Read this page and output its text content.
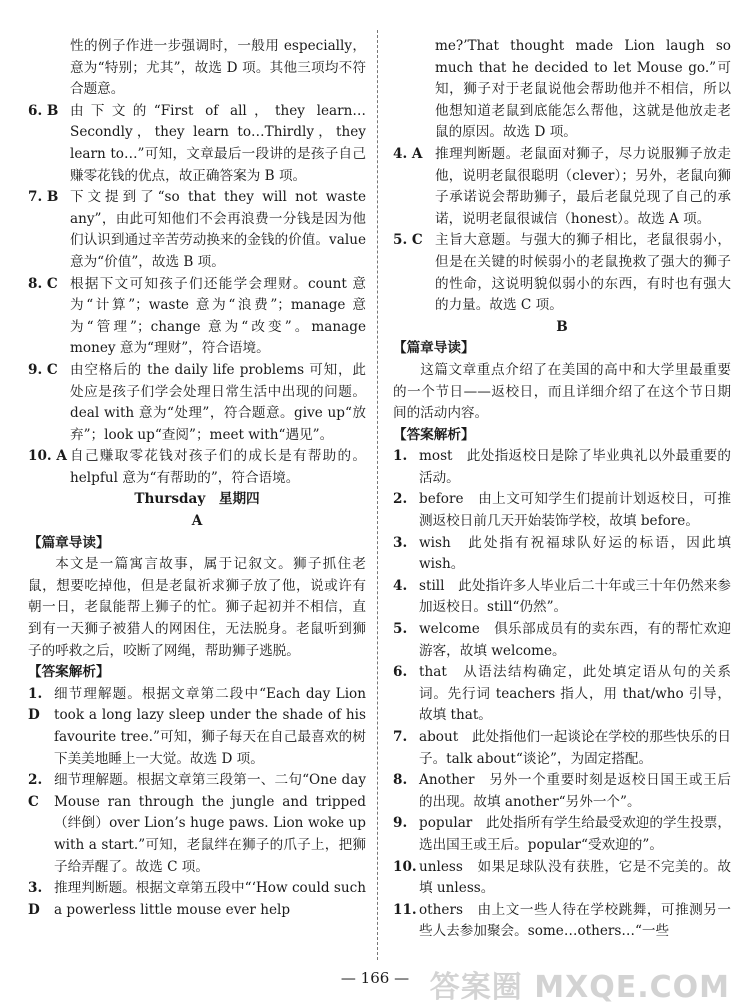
性的例子作进一步强调时，一般用 especially，意为“特别；尤其”，故选 D 项。其他三项均不符合题意。
6. B 由下文的“First of all，they learn… Secondly，they learn to…Thirdly，they learn to…”可知，文章最后一段讲的是孩子自己赚零花钱的优点，故正确答案为 B 项。
7. B 下文提到了“so that they will not waste any”，由此可知他们不会再浪费一分钱是因为他们认识到通过辛苦劳动换来的金钱的价值。value 意为“价值”，故选 B 项。
8. C 根据下文可知孩子们还能学会理财。count 意为“计算”；waste 意为“浪费”；manage 意为“管理”；change 意为“改变”。manage money 意为“理财”，符合语境。
9. C 由空格后的 the daily life problems 可知，此处应是孩子们学会处理日常生活中出现的问题。deal with 意为“处理”，符合题意。give up“放弃”；look up“查阅”；meet with“遇见”。
10. A 自己赚取零花钱对孩子们的成长是有帮助的。helpful 意为“有帮助的”，符合语境。
Thursday　星期四
A
【篇章导读】
本文是一篇寓言故事，属于记叙文。狮子抓住老鼠，想要吃掉他，但是老鼠祈求狮子放了他，说或许有朝一日，老鼠能帮上狮子的忙。狮子起初并不相信，直到有一天狮子被猎人的网困住，无法脱身。老鼠听到狮子的呼救之后，咬断了网绳，帮助狮子逃脱。
【答案解析】
1. D
细节理解题。根据文章第二段中“Each day Lion took a long lazy sleep under the shade of his favourite tree.”可知，狮子每天在自己最喜欢的树下美美地睡上一大觉。故选 D 项。
2. C
细节理解题。根据文章第三段第一、二句“One day Mouse ran through the jungle and tripped（绊倒）over Lion’s huge paws. Lion woke up with a start.”可知，老鼠绊在狮子的爪子上，把狮子给弄醒了。故选 C 项。
3. D
推理判断题。根据文章第五段中“‘How could such a powerless little mouse ever help
me?’That thought made Lion laugh so much that he decided to let Mouse go.”可知，狮子对于老鼠说他会帮助他并不相信，所以他想知道老鼠到底能怎么帮他，这就是他放走老鼠的原因。故选 D 项。
4. A 推理判断题。老鼠面对狮子，尽力说服狮子放走他，说明老鼠很聪明（clever）；另外，老鼠向狮子承诺说会帮助狮子，最后老鼠兑现了自己的承诺，说明老鼠很诚信（honest）。故选 A 项。
5. C 主旨大意题。与强大的狮子相比，老鼠很弱小，但是在关键的时候弱小的老鼠挽救了强大的狮子的性命，这说明貌似弱小的东西，有时也有强大的力量。故选 C 项。
B
【篇章导读】
这篇文章重点介绍了在美国的高中和大学里最重要的一个节日——返校日，而且详细介绍了在这个节日期间的活动内容。
【答案解析】
1. most　此处指返校日是除了毕业典礼以外最重要的活动。
2. before　由上文可知学生们提前计划返校日，可推测返校日前几天开始装饰学校，故填 before。
3. wish　此处指有祝福球队好运的标语，因此填 wish。
4. still　此处指许多人毕业后二十年或三十年仍然来参加返校日。still“仍然”。
5. welcome　俱乐部成员有的卖东西，有的帮忙欢迎游客，故填 welcome。
6. that　从语法结构确定，此处填定语从句的关系词。先行词 teachers 指人，用 that/who 引导，故填 that。
7. about　此处指他们一起谈论在学校的那些快乐的日子。talk about“谈论”，为固定搭配。
8. Another　另外一个重要时刻是返校日国王或王后的出现。故填 another“另外一个”。
9. popular　此处指所有学生给最受欢迎的学生投票，选出国王或王后。popular“受欢迎的”。
10. unless　如果足球队没有获胜，它是不完美的。故填 unless。
11. others　由上文一些人待在学校跳舞，可推测另一些人去参加聚会。some…others…“一些
— 166 — 答案圈 MXQE.COM
